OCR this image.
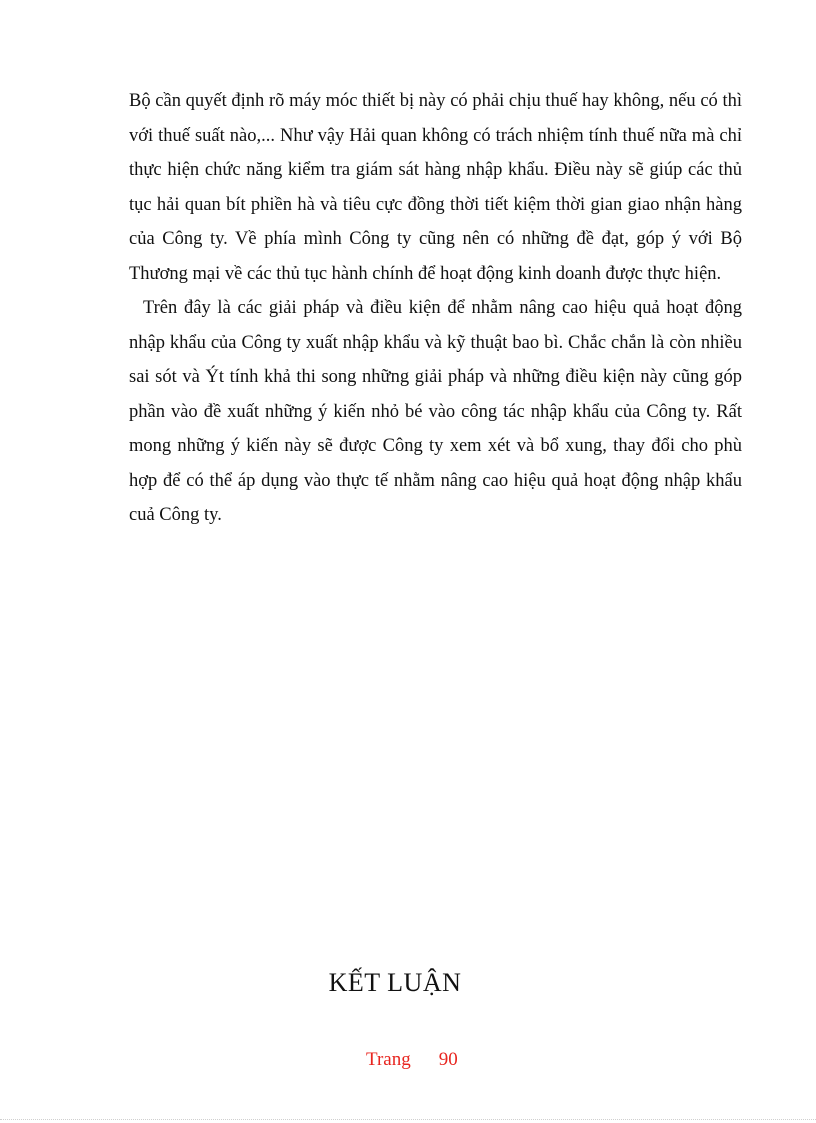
Bộ cần quyết định rõ máy móc thiết bị này có phải chịu thuế hay không, nếu có thì với thuế suất nào,... Như vậy Hải quan không có trách nhiệm tính thuế nữa mà chỉ thực hiện chức năng kiểm tra giám sát hàng nhập khẩu. Điều này sẽ giúp các thủ tục hải quan bít phiền hà và tiêu cực đồng thời tiết kiệm thời gian giao nhận hàng của Công ty. Về phía mình Công ty cũng nên có những đề đạt, góp ý với Bộ Thương mại về các thủ tục hành chính để hoạt động kinh doanh được thực hiện.

Trên đây là các giải pháp và điều kiện để nhằm nâng cao hiệu quả hoạt động nhập khẩu của Công ty xuất nhập khẩu và kỹ thuật bao bì. Chắc chắn là còn nhiều sai sót và Ýt tính khả thi song những giải pháp và những điều kiện này cũng góp phần vào đề xuất những ý kiến nhỏ bé vào công tác nhập khẩu của Công ty. Rất mong những ý kiến này sẽ được Công ty xem xét và bổ xung, thay đổi cho phù hợp để có thể áp dụng vào thực tế nhằm nâng cao hiệu quả hoạt động nhập khẩu cuả Công ty.

KẾT LUẬN
Trang 90
